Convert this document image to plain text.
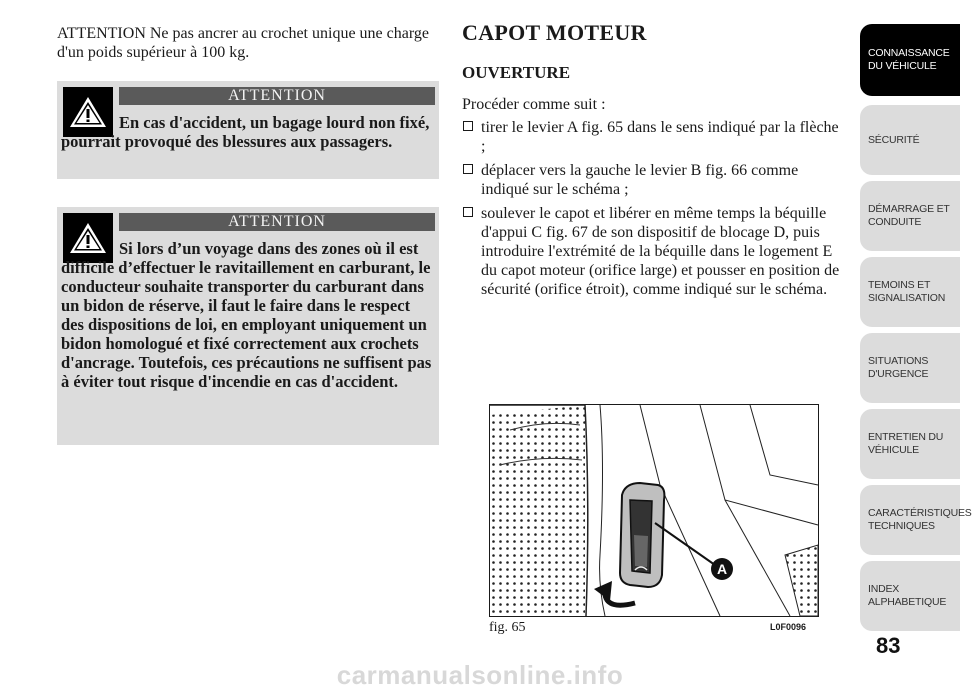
ATTENTION Ne pas ancrer au crochet unique une charge d'un poids supérieur à 100 kg.

ATTENTION

En cas d'accident, un bagage lourd non fixé, pourrait provoqué des blessures aux passagers.

ATTENTION

Si lors d’un voyage dans des zones où il est difficile d’effectuer le ravitaillement en carburant, le conducteur souhaite transporter du carburant dans un bidon de réserve, il faut le faire dans le respect des dispositions de loi, en employant uniquement un bidon homologué et fixé correctement aux crochets d'ancrage. Toutefois, ces précautions ne suffisent pas à éviter tout risque d'incendie en cas d'accident.

CAPOT MOTEUR
OUVERTURE

Procéder comme suit :

tirer le levier A fig. 65 dans le sens indiqué par la flèche ;
déplacer vers la gauche le levier B fig. 66 comme indiqué sur le schéma ;
soulever le capot et libérer en même temps la béquille d'appui C fig. 67 de son dispositif de blocage D, puis introduire l'extrémité de la béquille dans le logement E du capot moteur (orifice large) et pousser en position de sécurité (orifice étroit), comme indiqué sur le schéma.
A
fig. 65	L0F0096
CONNAISSANCE DU VÉHICULE
SÉCURITÉ
DÉMARRAGE ET CONDUITE
TEMOINS ET SIGNALISATION
SITUATIONS D'URGENCE
ENTRETIEN DU VÉHICULE
CARACTÉRISTIQUES TECHNIQUES
INDEX ALPHABETIQUE
83
carmanualsonline.info
